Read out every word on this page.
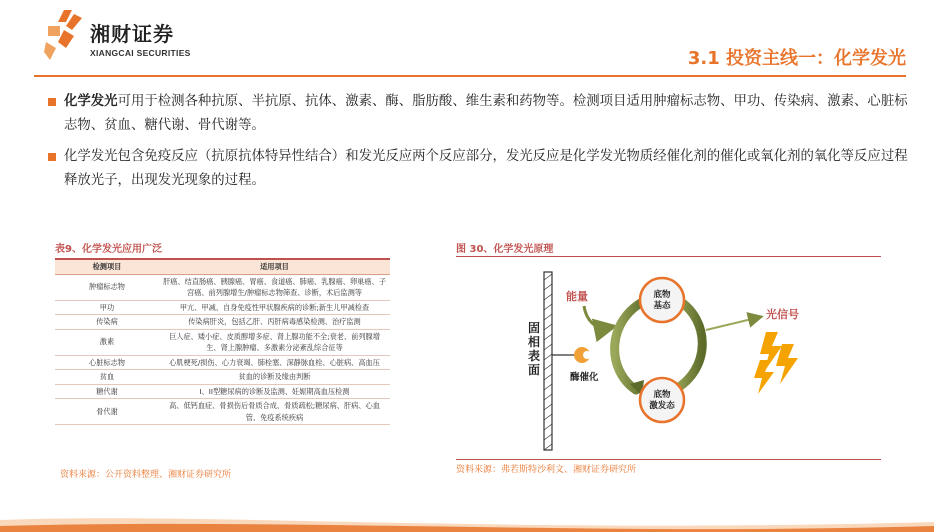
湘财证券
XIANGCAI SECURITIES	3.1 投资主线一：化学发光
化学发光可用于检测各种抗原、半抗原、抗体、激素、酶、脂肪酸、维生素和药物等。检测项目适用肿瘤标志物、甲功、传染病、激素、心脏标志物、贫血、糖代谢、骨代谢等。
化学发光包含免疫反应（抗原抗体特异性结合）和发光反应两个反应部分，发光反应是化学发光物质经催化剂的催化或氧化剂的氧化等反应过程释放光子，出现发光现象的过程。
表9、化学发光应用广泛
检测项目	适用项目
肿瘤标志物	肝癌、结直肠癌、胰腺癌、胃癌、食道癌、肺癌、乳腺癌、卵巢癌、子宫癌、前列腺增生/肿瘤标志物筛查、诊断，术后监测等
甲功	甲亢、甲减、自身免疫性甲状腺疾病的诊断;新生儿甲减检查
传染病	传染病肝炎，包括乙肝、丙肝病毒感染检测、治疗监测
激素	巨人症、矮小症、皮质醇增多症、肾上腺功能不全;衰老、前列腺增生、肾上腺肿瘤、多激素分泌紊乱综合征等
心脏标志物	心肌梗死/损伤、心力衰竭、肺栓塞、深静脉血栓、心脏病、高血压
贫血	贫血的诊断及缘由判断
糖代谢	I、II型糖尿病的诊断及监测、妊娠期高血压检测
骨代谢	高、低钙血症、骨损伤后骨质合成、骨质疏松;糖尿病、肝病、心血管、免疫系统疾病
资料来源：公开资料整理、湘财证券研究所
图 30、化学发光原理
固
相
表
面
酶催化
能量	底物
基态
底物
激发态
光信号
资料来源：弗若斯特沙利文、湘财证券研究所
